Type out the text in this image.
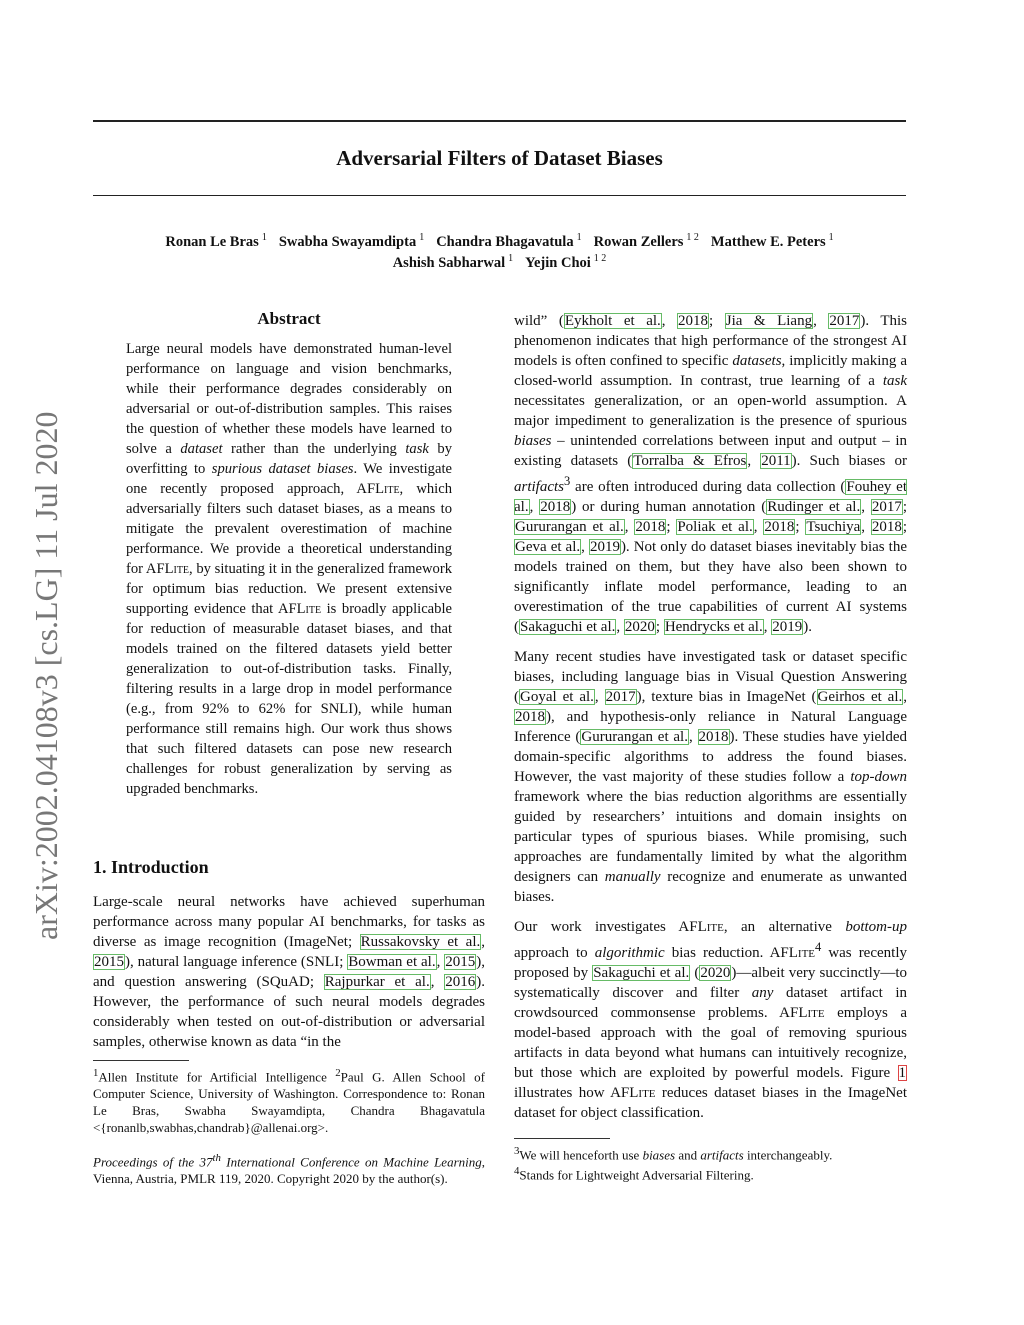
arXiv:2002.04108v3 [cs.LG] 11 Jul 2020
Adversarial Filters of Dataset Biases
Ronan Le Bras $^1$ Swabha Swayamdipta $^1$ Chandra Bhagavatula $^1$ Rowan Zellers $^{1 2}$ Matthew E. Peters $^1$
Ashish Sabharwal $^1$ Yejin Choi $^{1 2}$
Abstract

Large neural models have demonstrated human-level performance on language and vision benchmarks, while their performance degrades considerably on adversarial or out-of-distribution samples. This raises the question of whether these models have learned to solve a dataset rather than the underlying task by overfitting to spurious dataset biases. We investigate one recently proposed approach, AFLite, which adversarially filters such dataset biases, as a means to mitigate the prevalent overestimation of machine performance. We provide a theoretical understanding for AFLite, by situating it in the generalized framework for optimum bias reduction. We present extensive supporting evidence that AFLite is broadly applicable for reduction of measurable dataset biases, and that models trained on the filtered datasets yield better generalization to out-of-distribution tasks. Finally, filtering results in a large drop in model performance (e.g., from 92% to 62% for SNLI), while human performance still remains high. Our work thus shows that such filtered datasets can pose new research challenges for robust generalization by serving as upgraded benchmarks.

1. Introduction

Large-scale neural networks have achieved superhuman performance across many popular AI benchmarks, for tasks as diverse as image recognition (ImageNet; Russakovsky et al., 2015), natural language inference (SNLI; Bowman et al., 2015), and question answering (SQuAD; Rajpurkar et al., 2016). However, the performance of such neural models degrades considerably when tested on out-of-distribution or adversarial samples, otherwise known as data “in the

$^1$Allen Institute for Artificial Intelligence $^2$Paul G. Allen School of Computer Science, University of Washington. Correspondence to: Ronan Le Bras, Swabha Swayamdipta, Chandra Bhagavatula <{ronanlb,swabhas,chandrab}@allenai.org>.

Proceedings of the 37th International Conference on Machine Learning, Vienna, Austria, PMLR 119, 2020. Copyright 2020 by the author(s).

wild” (Eykholt et al., 2018; Jia & Liang, 2017). This phenomenon indicates that high performance of the strongest AI models is often confined to specific datasets, implicitly making a closed-world assumption. In contrast, true learning of a task necessitates generalization, or an open-world assumption. A major impediment to generalization is the presence of spurious biases – unintended correlations between input and output – in existing datasets (Torralba & Efros, 2011). Such biases or artifacts$^3$ are often introduced during data collection (Fouhey et al., 2018) or during human annotation (Rudinger et al., 2017; Gururangan et al., 2018; Poliak et al., 2018; Tsuchiya, 2018; Geva et al., 2019). Not only do dataset biases inevitably bias the models trained on them, but they have also been shown to significantly inflate model performance, leading to an overestimation of the true capabilities of current AI systems (Sakaguchi et al., 2020; Hendrycks et al., 2019).

Many recent studies have investigated task or dataset specific biases, including language bias in Visual Question Answering (Goyal et al., 2017), texture bias in ImageNet (Geirhos et al., 2018), and hypothesis-only reliance in Natural Language Inference (Gururangan et al., 2018). These studies have yielded domain-specific algorithms to address the found biases. However, the vast majority of these studies follow a top-down framework where the bias reduction algorithms are essentially guided by researchers’ intuitions and domain insights on particular types of spurious biases. While promising, such approaches are fundamentally limited by what the algorithm designers can manually recognize and enumerate as unwanted biases.

Our work investigates AFLite, an alternative bottom-up approach to algorithmic bias reduction. AFLite$^4$ was recently proposed by Sakaguchi et al. (2020)—albeit very succinctly—to systematically discover and filter any dataset artifact in crowdsourced commonsense problems. AFLite employs a model-based approach with the goal of removing spurious artifacts in data beyond what humans can intuitively recognize, but those which are exploited by powerful models. Figure 1 illustrates how AFLite reduces dataset biases in the ImageNet dataset for object classification.

$^3$We will henceforth use biases and artifacts interchangeably.

$^4$Stands for Lightweight Adversarial Filtering.
